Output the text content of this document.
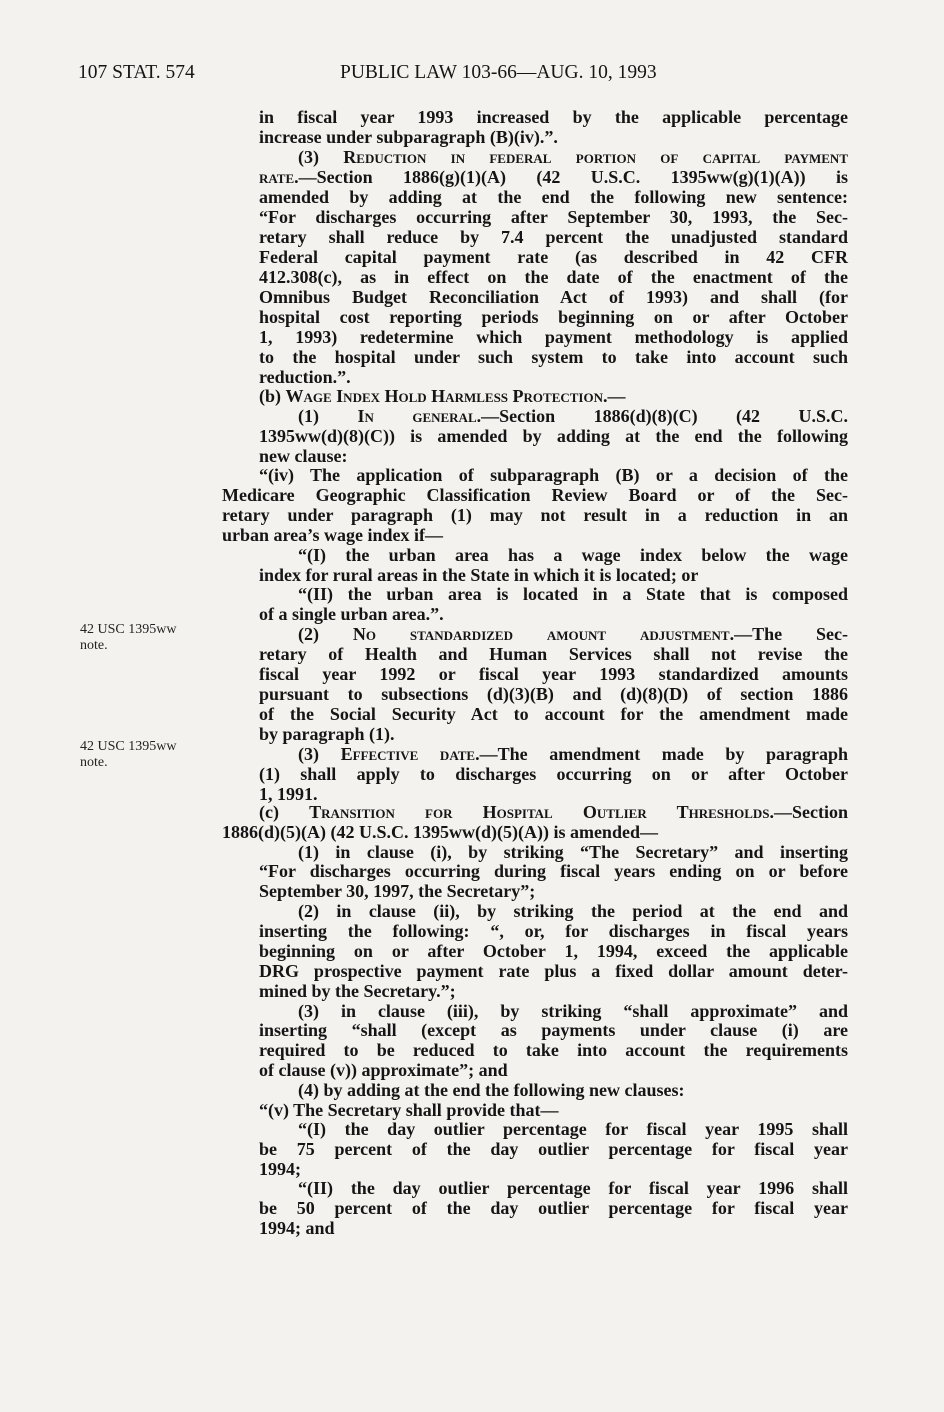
107 STAT. 574	PUBLIC LAW 103-66—AUG. 10, 1993
42 USC 1395ww
note.
42 USC 1395ww
note.
in fiscal year 1993 increased by the applicable percentage
increase under subparagraph (B)(iv).”.
(3) Reduction in federal portion of capital payment
rate.—Section 1886(g)(1)(A) (42 U.S.C. 1395ww(g)(1)(A)) is
amended by adding at the end the following new sentence:
“For discharges occurring after September 30, 1993, the Sec-
retary shall reduce by 7.4 percent the unadjusted standard
Federal capital payment rate (as described in 42 CFR
412.308(c), as in effect on the date of the enactment of the
Omnibus Budget Reconciliation Act of 1993) and shall (for
hospital cost reporting periods beginning on or after October
1, 1993) redetermine which payment methodology is applied
to the hospital under such system to take into account such
reduction.”.
(b) Wage Index Hold Harmless Protection.—
(1) In general.—Section 1886(d)(8)(C) (42 U.S.C.
1395ww(d)(8)(C)) is amended by adding at the end the following
new clause:
“(iv) The application of subparagraph (B) or a decision of the
Medicare Geographic Classification Review Board or of the Sec-
retary under paragraph (1) may not result in a reduction in an
urban area’s wage index if—
“(I) the urban area has a wage index below the wage
index for rural areas in the State in which it is located; or
“(II) the urban area is located in a State that is composed
of a single urban area.”.
(2) No standardized amount adjustment.—The Sec-
retary of Health and Human Services shall not revise the
fiscal year 1992 or fiscal year 1993 standardized amounts
pursuant to subsections (d)(3)(B) and (d)(8)(D) of section 1886
of the Social Security Act to account for the amendment made
by paragraph (1).
(3) Effective date.—The amendment made by paragraph
(1) shall apply to discharges occurring on or after October
1, 1991.
(c) Transition for Hospital Outlier Thresholds.—Section
1886(d)(5)(A) (42 U.S.C. 1395ww(d)(5)(A)) is amended—
(1) in clause (i), by striking “The Secretary” and inserting
“For discharges occurring during fiscal years ending on or before
September 30, 1997, the Secretary”;
(2) in clause (ii), by striking the period at the end and
inserting the following: “, or, for discharges in fiscal years
beginning on or after October 1, 1994, exceed the applicable
DRG prospective payment rate plus a fixed dollar amount deter-
mined by the Secretary.”;
(3) in clause (iii), by striking “shall approximate” and
inserting “shall (except as payments under clause (i) are
required to be reduced to take into account the requirements
of clause (v)) approximate”; and
(4) by adding at the end the following new clauses:
“(v) The Secretary shall provide that—
“(I) the day outlier percentage for fiscal year 1995 shall
be 75 percent of the day outlier percentage for fiscal year
1994;
“(II) the day outlier percentage for fiscal year 1996 shall
be 50 percent of the day outlier percentage for fiscal year
1994; and
